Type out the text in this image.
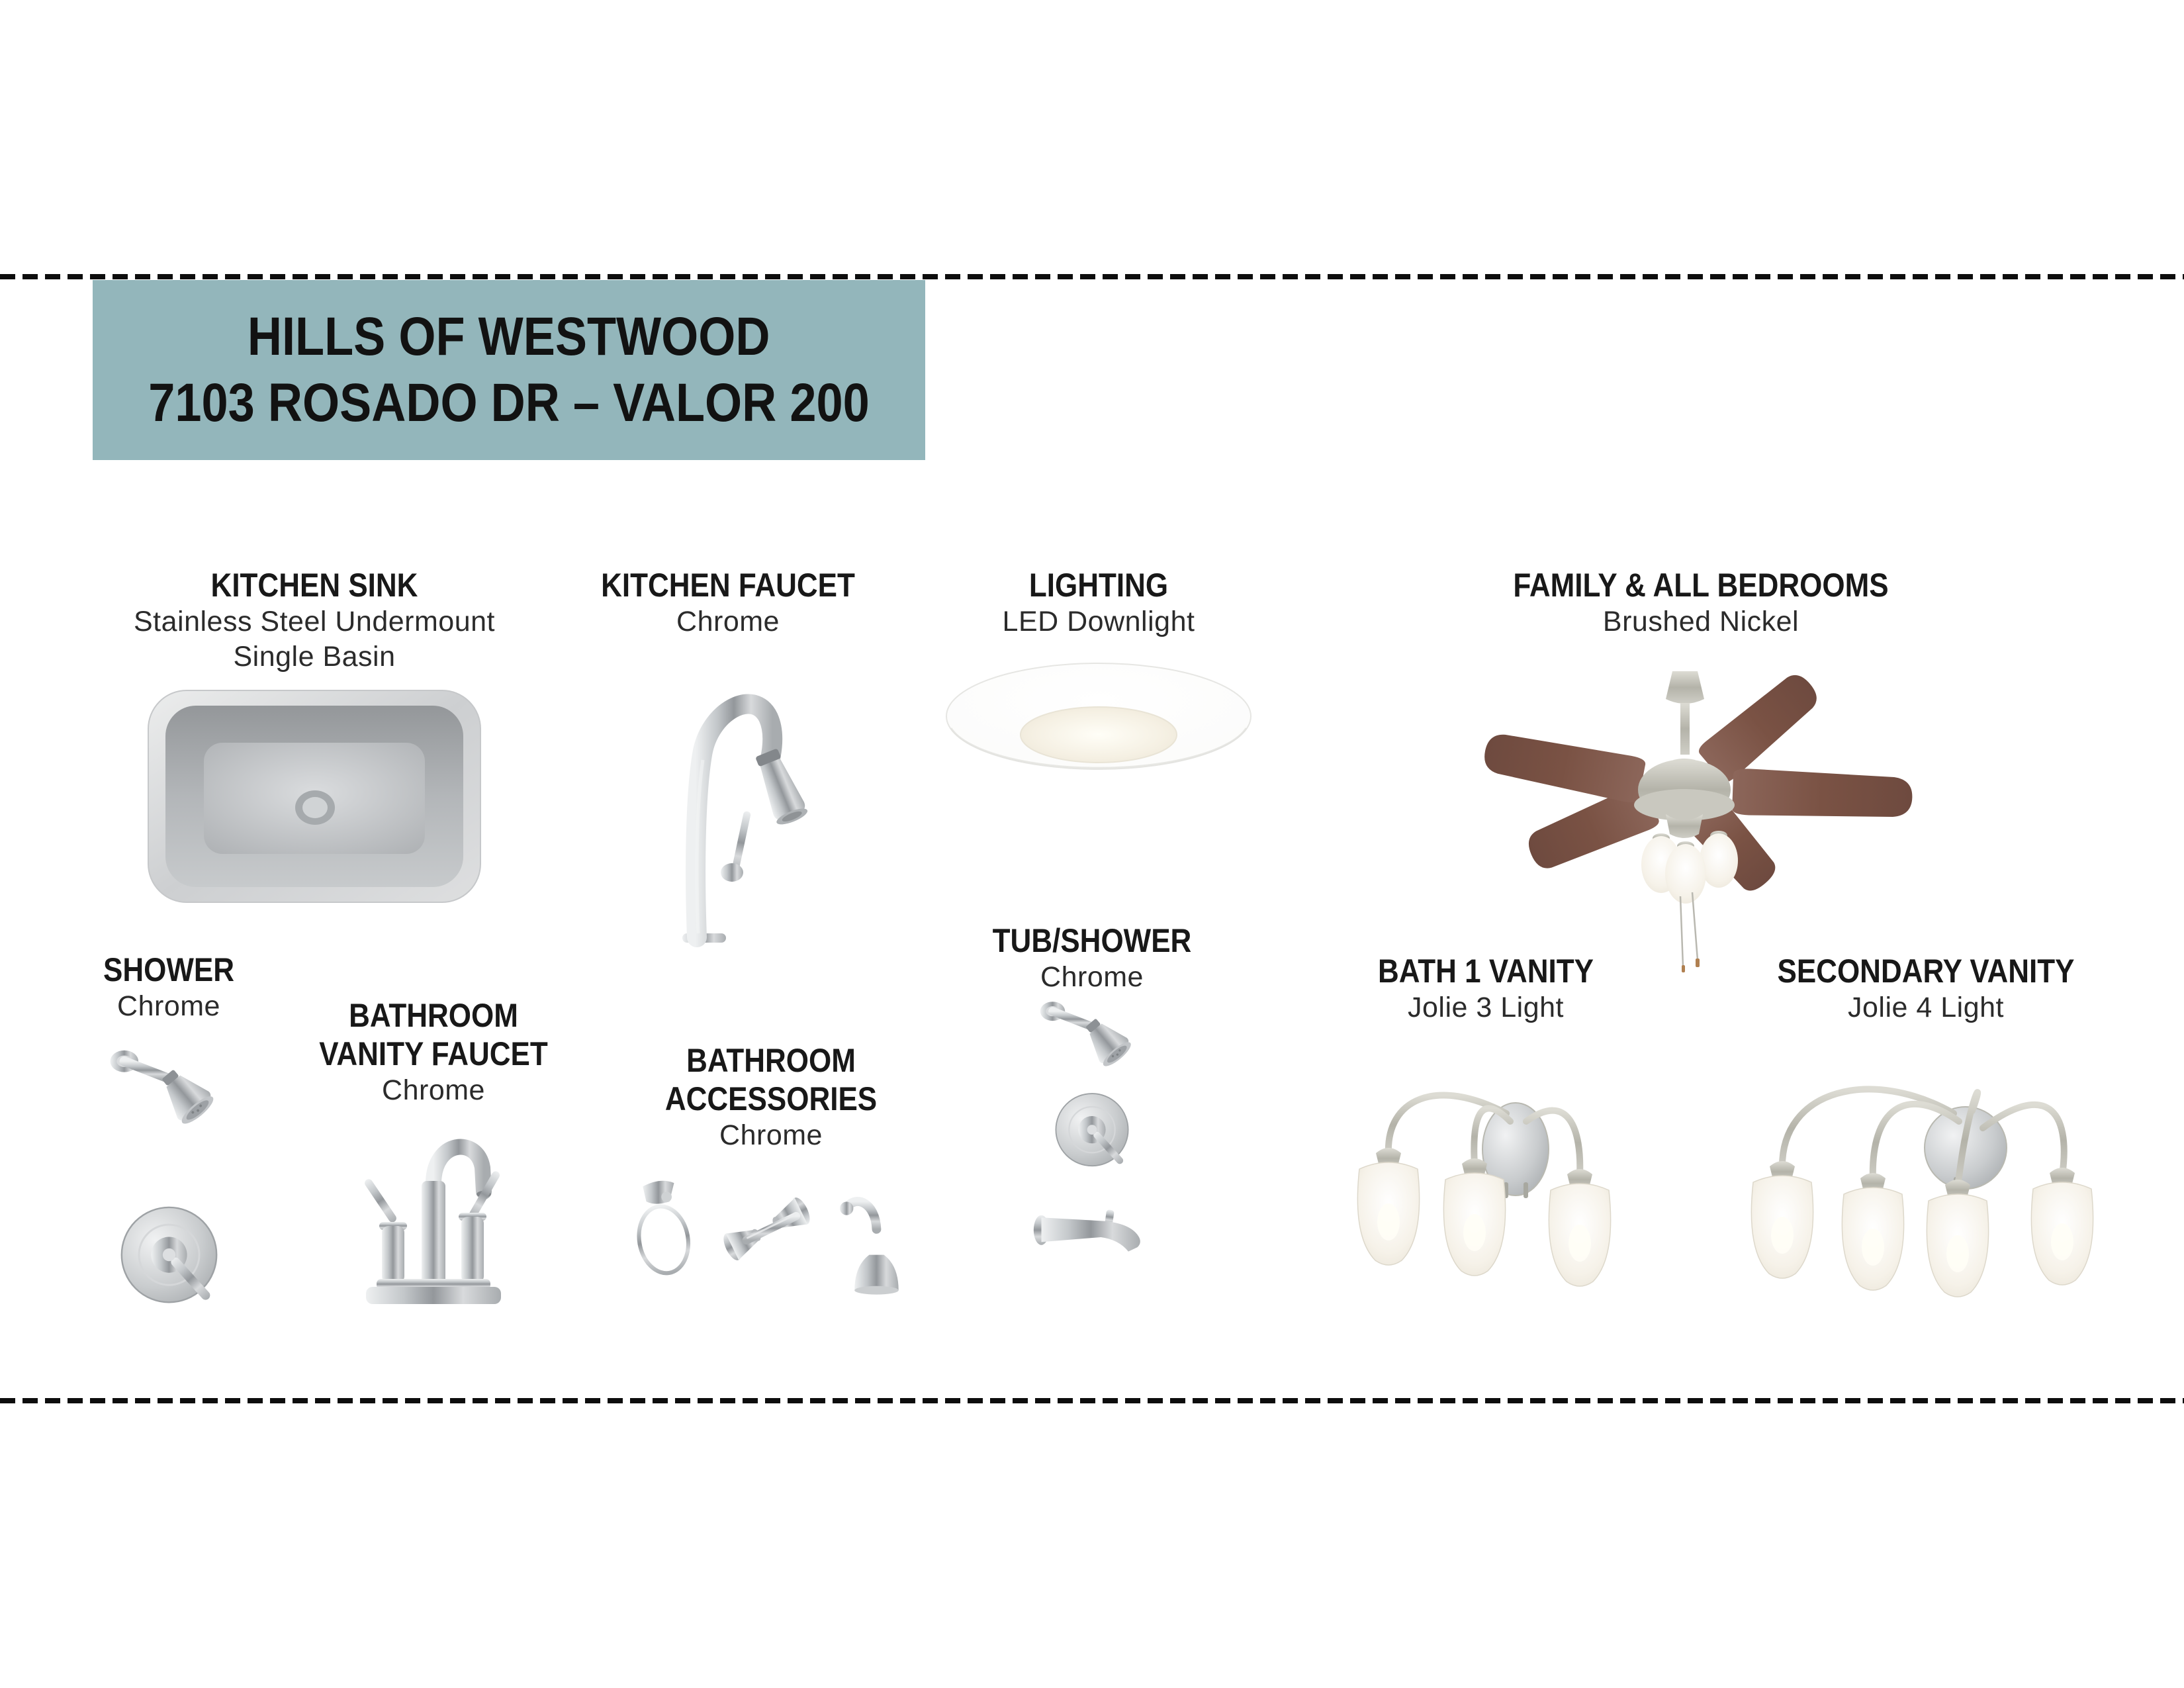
HILLS OF WESTWOOD
7103 ROSADO DR – VALOR 200
KITCHEN SINK

Stainless Steel Undermount

Single Basin

KITCHEN FAUCET

Chrome

LIGHTING

LED Downlight

FAMILY & ALL BEDROOMS

Brushed Nickel

SHOWER

Chrome	BATHROOM VANITY FAUCET

Chrome

BATHROOM ACCESSORIES

Chrome

TUB/SHOWER

Chrome	BATH 1 VANITY

Jolie 3 Light

SECONDARY VANITY

Jolie 4 Light
